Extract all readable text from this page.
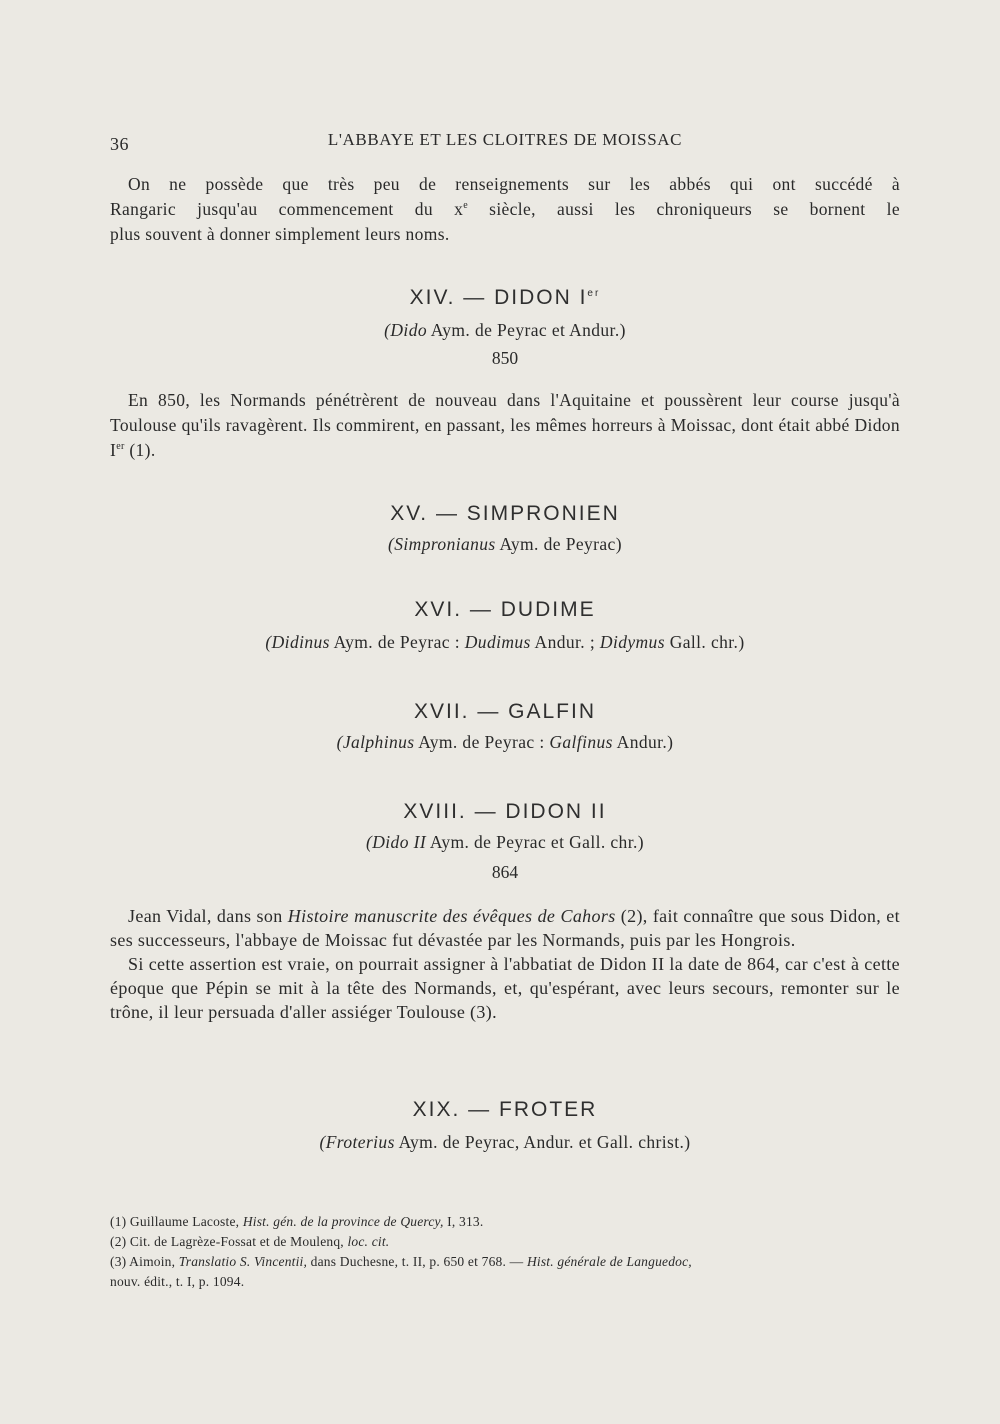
36	L'ABBAYE ET LES CLOITRES DE MOISSAC

On ne possède que très peu de renseignements sur les abbés qui ont succédé à

Rangaric jusqu'au commencement du $x^e$ siècle, aussi les chroniqueurs se bornent le

plus souvent à donner simplement leurs noms.

XIV. — DIDON Ier
(Dido Aym. de Peyrac et Andur.)
850

En 850, les Normands pénétrèrent de nouveau dans l'Aquitaine et poussèrent leur course jusqu'à Toulouse qu'ils ravagèrent. Ils commirent, en passant, les mêmes horreurs à Moissac, dont était abbé Didon Ier (1).

XV. — SIMPRONIEN
(Simpronianus Aym. de Peyrac)
XVI. — DUDIME
(Didinus Aym. de Peyrac : Dudimus Andur. ; Didymus Gall. chr.)
XVII. — GALFIN
(Jalphinus Aym. de Peyrac : Galfinus Andur.)
XVIII. — DIDON II
(Dido II Aym. de Peyrac et Gall. chr.)
864

Jean Vidal, dans son Histoire manuscrite des évêques de Cahors (2), fait connaître que sous Didon, et ses successeurs, l'abbaye de Moissac fut dévastée par les Normands, puis par les Hongrois.

Si cette assertion est vraie, on pourrait assigner à l'abbatiat de Didon II la date de 864, car c'est à cette époque que Pépin se mit à la tête des Normands, et, qu'espérant, avec leurs secours, remonter sur le trône, il leur persuada d'aller assiéger Toulouse (3).

XIX. — FROTER
(Froterius Aym. de Peyrac, Andur. et Gall. christ.)
(1) Guillaume Lacoste, Hist. gén. de la province de Quercy, I, 313.
(2) Cit. de Lagrèze-Fossat et de Moulenq, loc. cit.
(3) Aimoin, Translatio S. Vincentii, dans Duchesne, t. II, p. 650 et 768. — Hist. générale de Languedoc,
nouv. édit., t. I, p. 1094.
